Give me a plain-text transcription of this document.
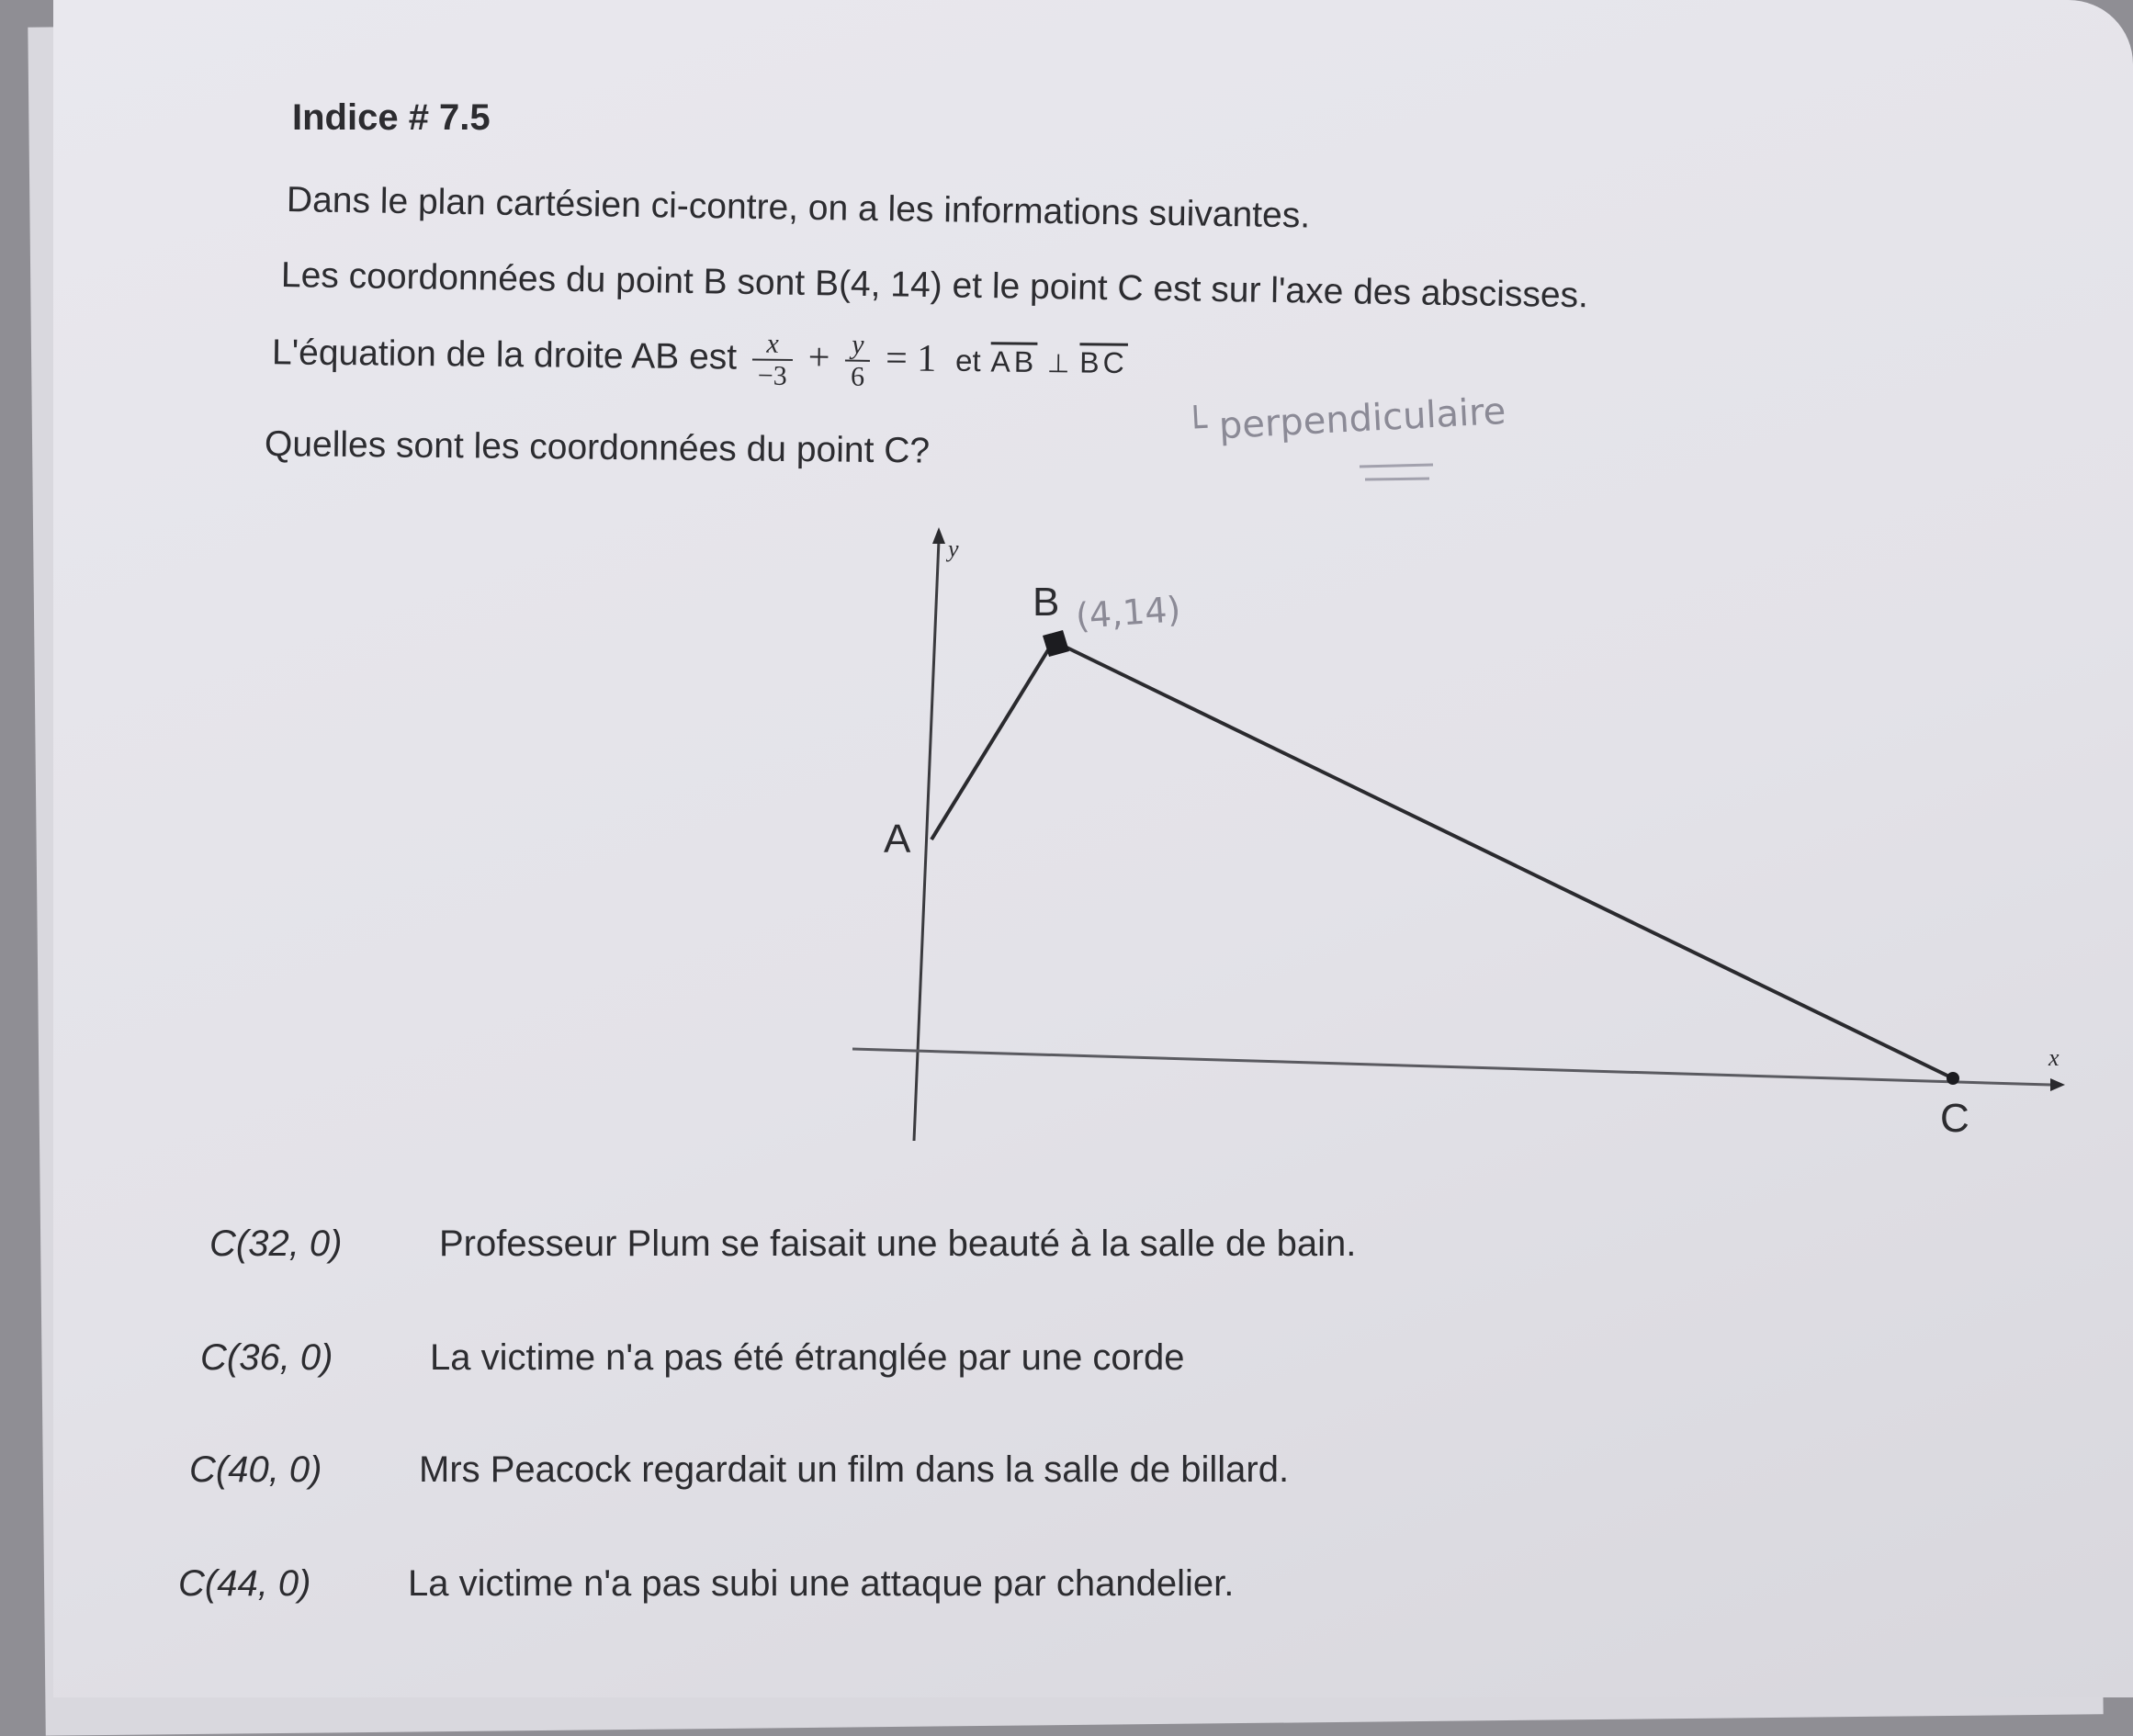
Indice # 7.5
Dans le plan cartésien ci-contre, on a les informations suivantes.
Les coordonnées du point B sont B(4, 14) et le point C est sur l'axe des abscisses.
L'équation de la droite AB est $\frac{x}{-3} + \frac{y}{6} = 1$ et $\overline{AB}$ ⊥ $\overline{BC}$
Quelles sont les coordonnées du point C?	└ perpendiculaire
y
x
A
B
C
(4,14)
C(32, 0)	Professeur Plum se faisait une beauté à la salle de bain.
C(36, 0)	La victime n'a pas été étranglée par une corde
C(40, 0)	Mrs Peacock regardait un film dans la salle de billard.
C(44, 0)	La victime n'a pas subi une attaque par chandelier.
